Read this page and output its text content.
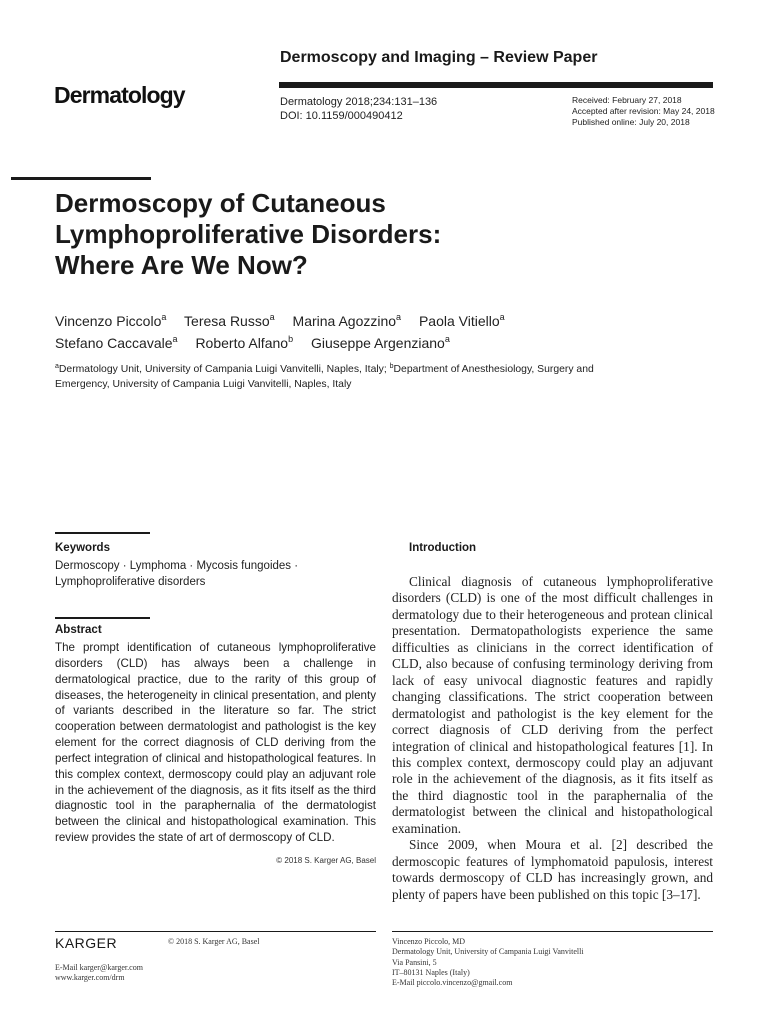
Dermoscopy and Imaging – Review Paper
Dermatology	Dermatology 2018;234:131–136
DOI: 10.1159/000490412
Received: February 27, 2018
Accepted after revision: May 24, 2018
Published online: July 20, 2018
Dermoscopy of Cutaneous
Lymphoproliferative Disorders:
Where Are We Now?
Vincenzo Piccolo$^a$ Teresa Russo$^a$ Marina Agozzino$^a$ Paola Vitiello$^a$
Stefano Caccavale$^a$ Roberto Alfano$^b$ Giuseppe Argenziano$^a$
$^a$Dermatology Unit, University of Campania Luigi Vanvitelli, Naples, Italy; $^b$Department of Anesthesiology, Surgery and Emergency, University of Campania Luigi Vanvitelli, Naples, Italy
Keywords
Dermoscopy · Lymphoma · Mycosis fungoides ·
Lymphoproliferative disorders
Abstract
The prompt identification of cutaneous lymphoproliferative disorders (CLD) has always been a challenge in dermatological practice, due to the rarity of this group of diseases, the heterogeneity in clinical presentation, and plenty of variants described in the literature so far. The strict cooperation between dermatologist and pathologist is the key element for the correct diagnosis of CLD deriving from the perfect integration of clinical and histopathological features. In this complex context, dermoscopy could play an adjuvant role in the achievement of the diagnosis, as it fits itself as the third diagnostic tool in the paraphernalia of the dermatologist between the clinical and histopathological examination. This review provides the state of art of dermoscopy of CLD.
© 2018 S. Karger AG, Basel
Introduction

Clinical diagnosis of cutaneous lymphoproliferative disorders (CLD) is one of the most difficult challenges in dermatology due to their heterogeneous and protean clinical presentation. Dermatopathologists experience the same difficulties as clinicians in the correct identification of CLD, also because of confusing terminology deriving from lack of easy univocal diagnostic features and rapidly changing classifications. The strict cooperation between dermatologist and pathologist is the key element for the correct diagnosis of CLD deriving from the perfect integration of clinical and histopathological features [1]. In this complex context, dermoscopy could play an adjuvant role in the achievement of the diagnosis, as it fits itself as the third diagnostic tool in the paraphernalia of the dermatologist between the clinical and histopathological examination.

Since 2009, when Moura et al. [2] described the dermoscopic features of lymphomatoid papulosis, interest towards dermoscopy of CLD has increasingly grown, and plenty of papers have been published on this topic [3–17].

KARGER	© 2018 S. Karger AG, Basel
E-Mail karger@karger.com
www.karger.com/drm
Vincenzo Piccolo, MD
Dermatology Unit, University of Campania Luigi Vanvitelli
Via Pansini, 5
IT–80131 Naples (Italy)
E-Mail piccolo.vincenzo@gmail.com
